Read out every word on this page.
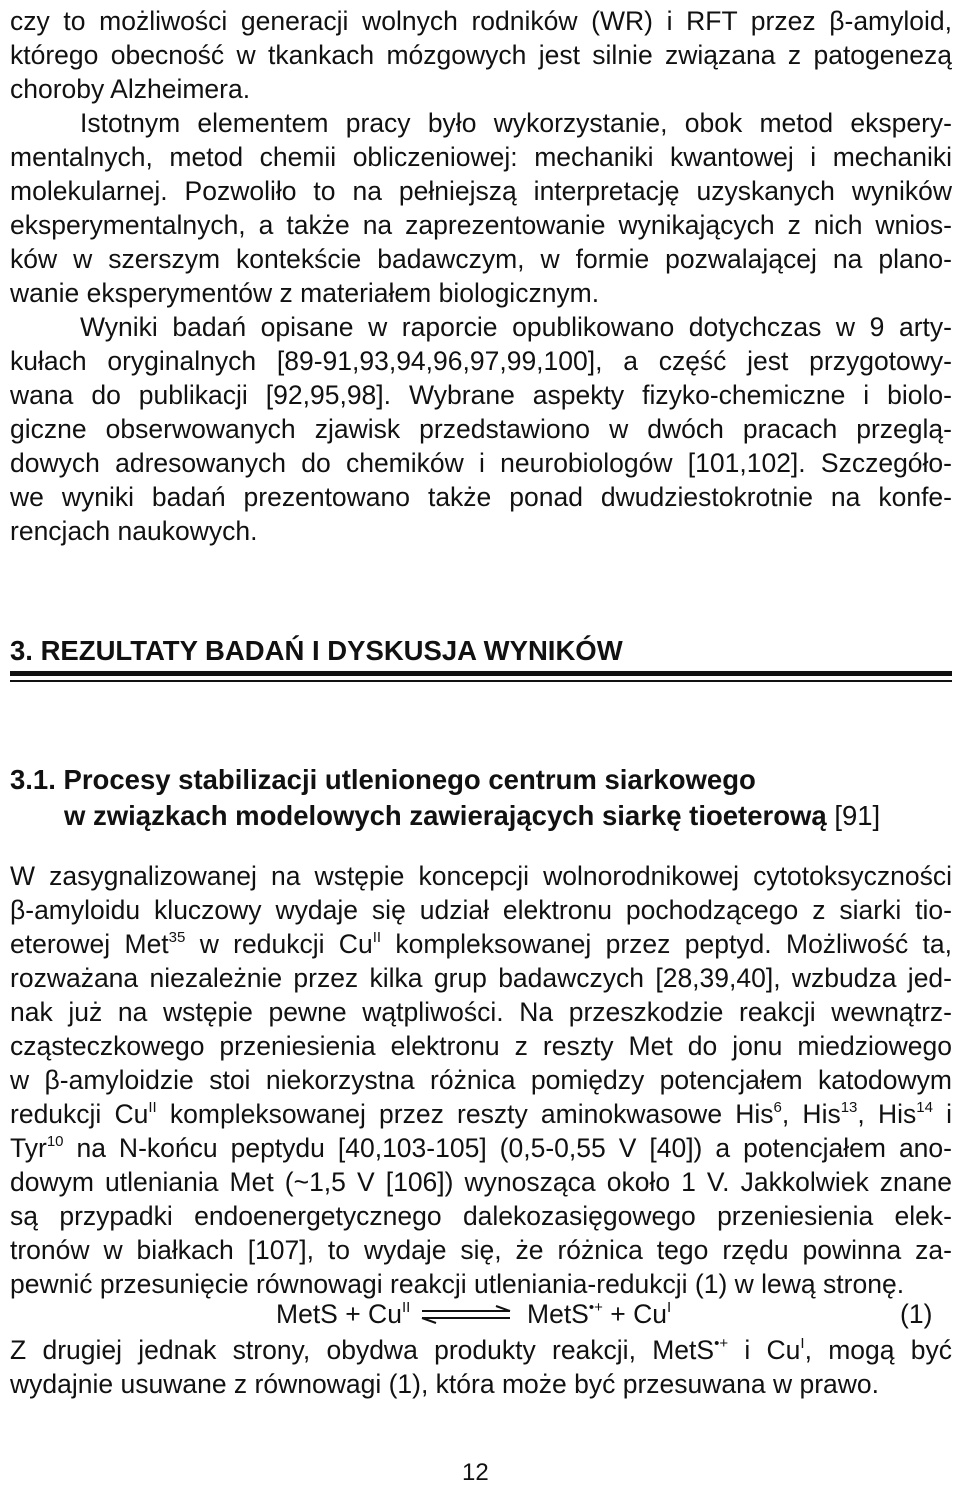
czy to możliwości generacji wolnych rodników (WR) i RFT przez β-amyloid,
którego obecność w tkankach mózgowych jest silnie związana z patogenezą
choroby Alzheimera.
Istotnym elementem pracy było wykorzystanie, obok metod ekspery-
mentalnych, metod chemii obliczeniowej: mechaniki kwantowej i mechaniki
molekularnej. Pozwoliło to na pełniejszą interpretację uzyskanych wyników
eksperymentalnych, a także na zaprezentowanie wynikających z nich wnios-
ków w szerszym kontekście badawczym, w formie pozwalającej na plano-
wanie eksperymentów z materiałem biologicznym.
Wyniki badań opisane w raporcie opublikowano dotychczas w 9 arty-
kułach oryginalnych [89-91,93,94,96,97,99,100], a część jest przygotowy-
wana do publikacji [92,95,98]. Wybrane aspekty fizyko-chemiczne i biolo-
giczne obserwowanych zjawisk przedstawiono w dwóch pracach przeglą-
dowych adresowanych do chemików i neurobiologów [101,102]. Szczegóło-
we wyniki badań prezentowano także ponad dwudziestokrotnie na konfe-
rencjach naukowych.
3. REZULTATY BADAŃ I DYSKUSJA WYNIKÓW
3.1. Procesy stabilizacji utlenionego centrum siarkowego
w związkach modelowych zawierających siarkę tioeterową [91]
W zasygnalizowanej na wstępie koncepcji wolnorodnikowej cytotoksyczności
β-amyloidu kluczowy wydaje się udział elektronu pochodzącego z siarki tio-
eterowej Met$^{35}$ w redukcji $Cu^{II}$ kompleksowanej przez peptyd. Możliwość ta,
rozważana niezależnie przez kilka grup badawczych [28,39,40], wzbudza jed-
nak już na wstępie pewne wątpliwości. Na przeszkodzie reakcji wewnątrz-
cząsteczkowego przeniesienia elektronu z reszty Met do jonu miedziowego
w β-amyloidzie stoi niekorzystna różnica pomiędzy potencjałem katodowym
redukcji $Cu^{II}$ kompleksowanej przez reszty aminokwasowe His$^6$, His$^{13}$, His$^{14}$ i
Tyr$^{10}$ na N-końcu peptydu [40,103-105] (0,5-0,55 V [40]) a potencjałem ano-
dowym utleniania Met (~1,5 V [106]) wynosząca około 1 V. Jakkolwiek znane
są przypadki endoenergetycznego dalekozasięgowego przeniesienia elek-
tronów w białkach [107], to wydaje się, że różnica tego rzędu powinna za-
pewnić przesunięcie równowagi reakcji utleniania-redukcji (1) w lewą stronę.
MetS + $Cu^{II}$	MetS•+ + $Cu^I$	(1)
Z drugiej jednak strony, obydwa produkty reakcji, MetS•+ i $Cu^I$, mogą być
wydajnie usuwane z równowagi (1), która może być przesuwana w prawo.
12
